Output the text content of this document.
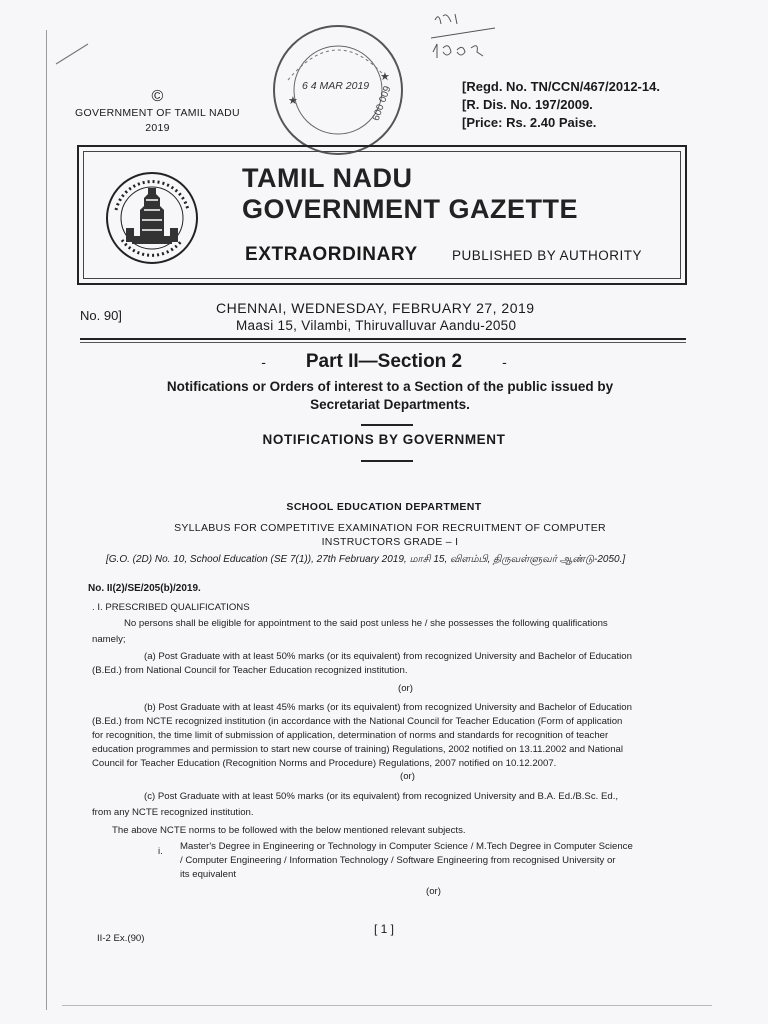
©
GOVERNMENT OF TAMIL NADU
2019
★
★
6 4 MAR 2019 600 009	[Regd. No. TN/CCN/467/2012-14.
[R. Dis. No. 197/2009.
[Price: Rs. 2.40 Paise.
TAMIL NADU
GOVERNMENT GAZETTE
EXTRAORDINARY	PUBLISHED BY AUTHORITY
No. 90]	CHENNAI, WEDNESDAY, FEBRUARY 27, 2019
Maasi 15, Vilambi, Thiruvalluvar Aandu-2050
- Part II—Section 2	-
Notifications or Orders of interest to a Section of the public issued by Secretariat Departments.
NOTIFICATIONS BY GOVERNMENT
SCHOOL EDUCATION DEPARTMENT
SYLLABUS FOR COMPETITIVE EXAMINATION FOR RECRUITMENT OF COMPUTER INSTRUCTORS GRADE – I
[G.O. (2D) No. 10, School Education (SE 7(1)), 27th February 2019, மாசி 15, விளம்பி, திருவள்ளுவர் ஆண்டு-2050.]
No. II(2)/SE/205(b)/2019.
. I. PRESCRIBED QUALIFICATIONS
No persons shall be eligible for appointment to the said post unless he / she possesses the following qualifications
namely;
(a) Post Graduate with at least 50% marks (or its equivalent) from recognized University and Bachelor of Education
(B.Ed.) from National Council for Teacher Education recognized institution.
(or)
(b) Post Graduate with at least 45% marks (or its equivalent) from recognized University and Bachelor of Education
(B.Ed.) from NCTE recognized institution (in accordance with the National Council for Teacher Education (Form of application
for recognition, the time limit of submission of application, determination of norms and standards for recognition of teacher
education programmes and permission to start new course of training) Regulations, 2002 notified on 13.11.2002 and National
Council for Teacher Education (Recognition Norms and Procedure) Regulations, 2007 notified on 10.12.2007.
(or)
(c) Post Graduate with at least 50% marks (or its equivalent) from recognized University and B.A. Ed./B.Sc. Ed.,
from any NCTE recognized institution.
The above NCTE norms to be followed with the below mentioned relevant subjects.
i. Master's Degree in Engineering or Technology in Computer Science / M.Tech Degree in Computer Science
/ Computer Engineering / Information Technology / Software Engineering from recognised University or
its equivalent
(or)
[ 1 ]
II-2 Ex.(90)
